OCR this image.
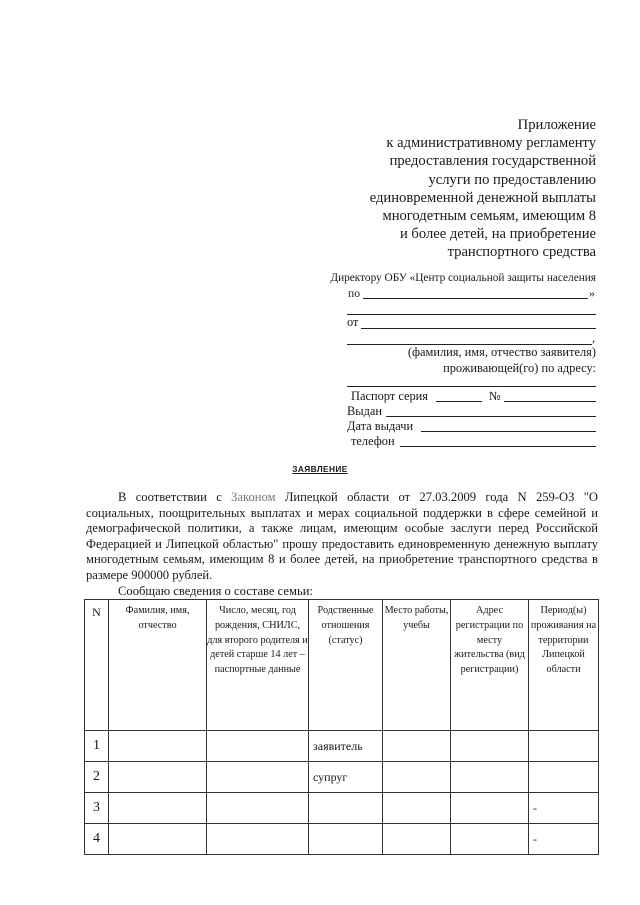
Приложение
к административному регламенту
предоставления государственной
услуги по предоставлению
единовременной денежной выплаты
многодетным семьям, имеющим 8
и более детей, на приобретение
транспортного средства
Директору ОБУ «Центр социальной защиты населения
по	»
от
,
(фамилия, имя, отчество заявителя)
проживающей(го) по адресу:
Паспорт серия	№
Выдан
Дата выдачи
телефон
ЗАЯВЛЕНИЕ

В соответствии с Законом Липецкой области от 27.03.2009 года N 259-ОЗ "О социальных, поощрительных выплатах и мерах социальной поддержки в сфере семейной и демографической политики, а также лицам, имеющим особые заслуги перед Российской Федерацией и Липецкой областью" прошу предоставить единовременную денежную выплату многодетным семьям, имеющим 8 и более детей, на приобретение транспортного средства в размере 900000 рублей.

Сообщаю сведения о составе семьи:

N	Фамилия, имя, отчество	Число, месяц, год рождения, СНИЛС, для второго родителя и детей старше 14 лет – паспортные данные	Родственные отношения (статус)	Место работы, учебы	Адрес регистрации по месту жительства (вид регистрации)	Период(ы) проживания на территории Липецкой области
1			заявитель			
2			супруг			
3						-
4						-
